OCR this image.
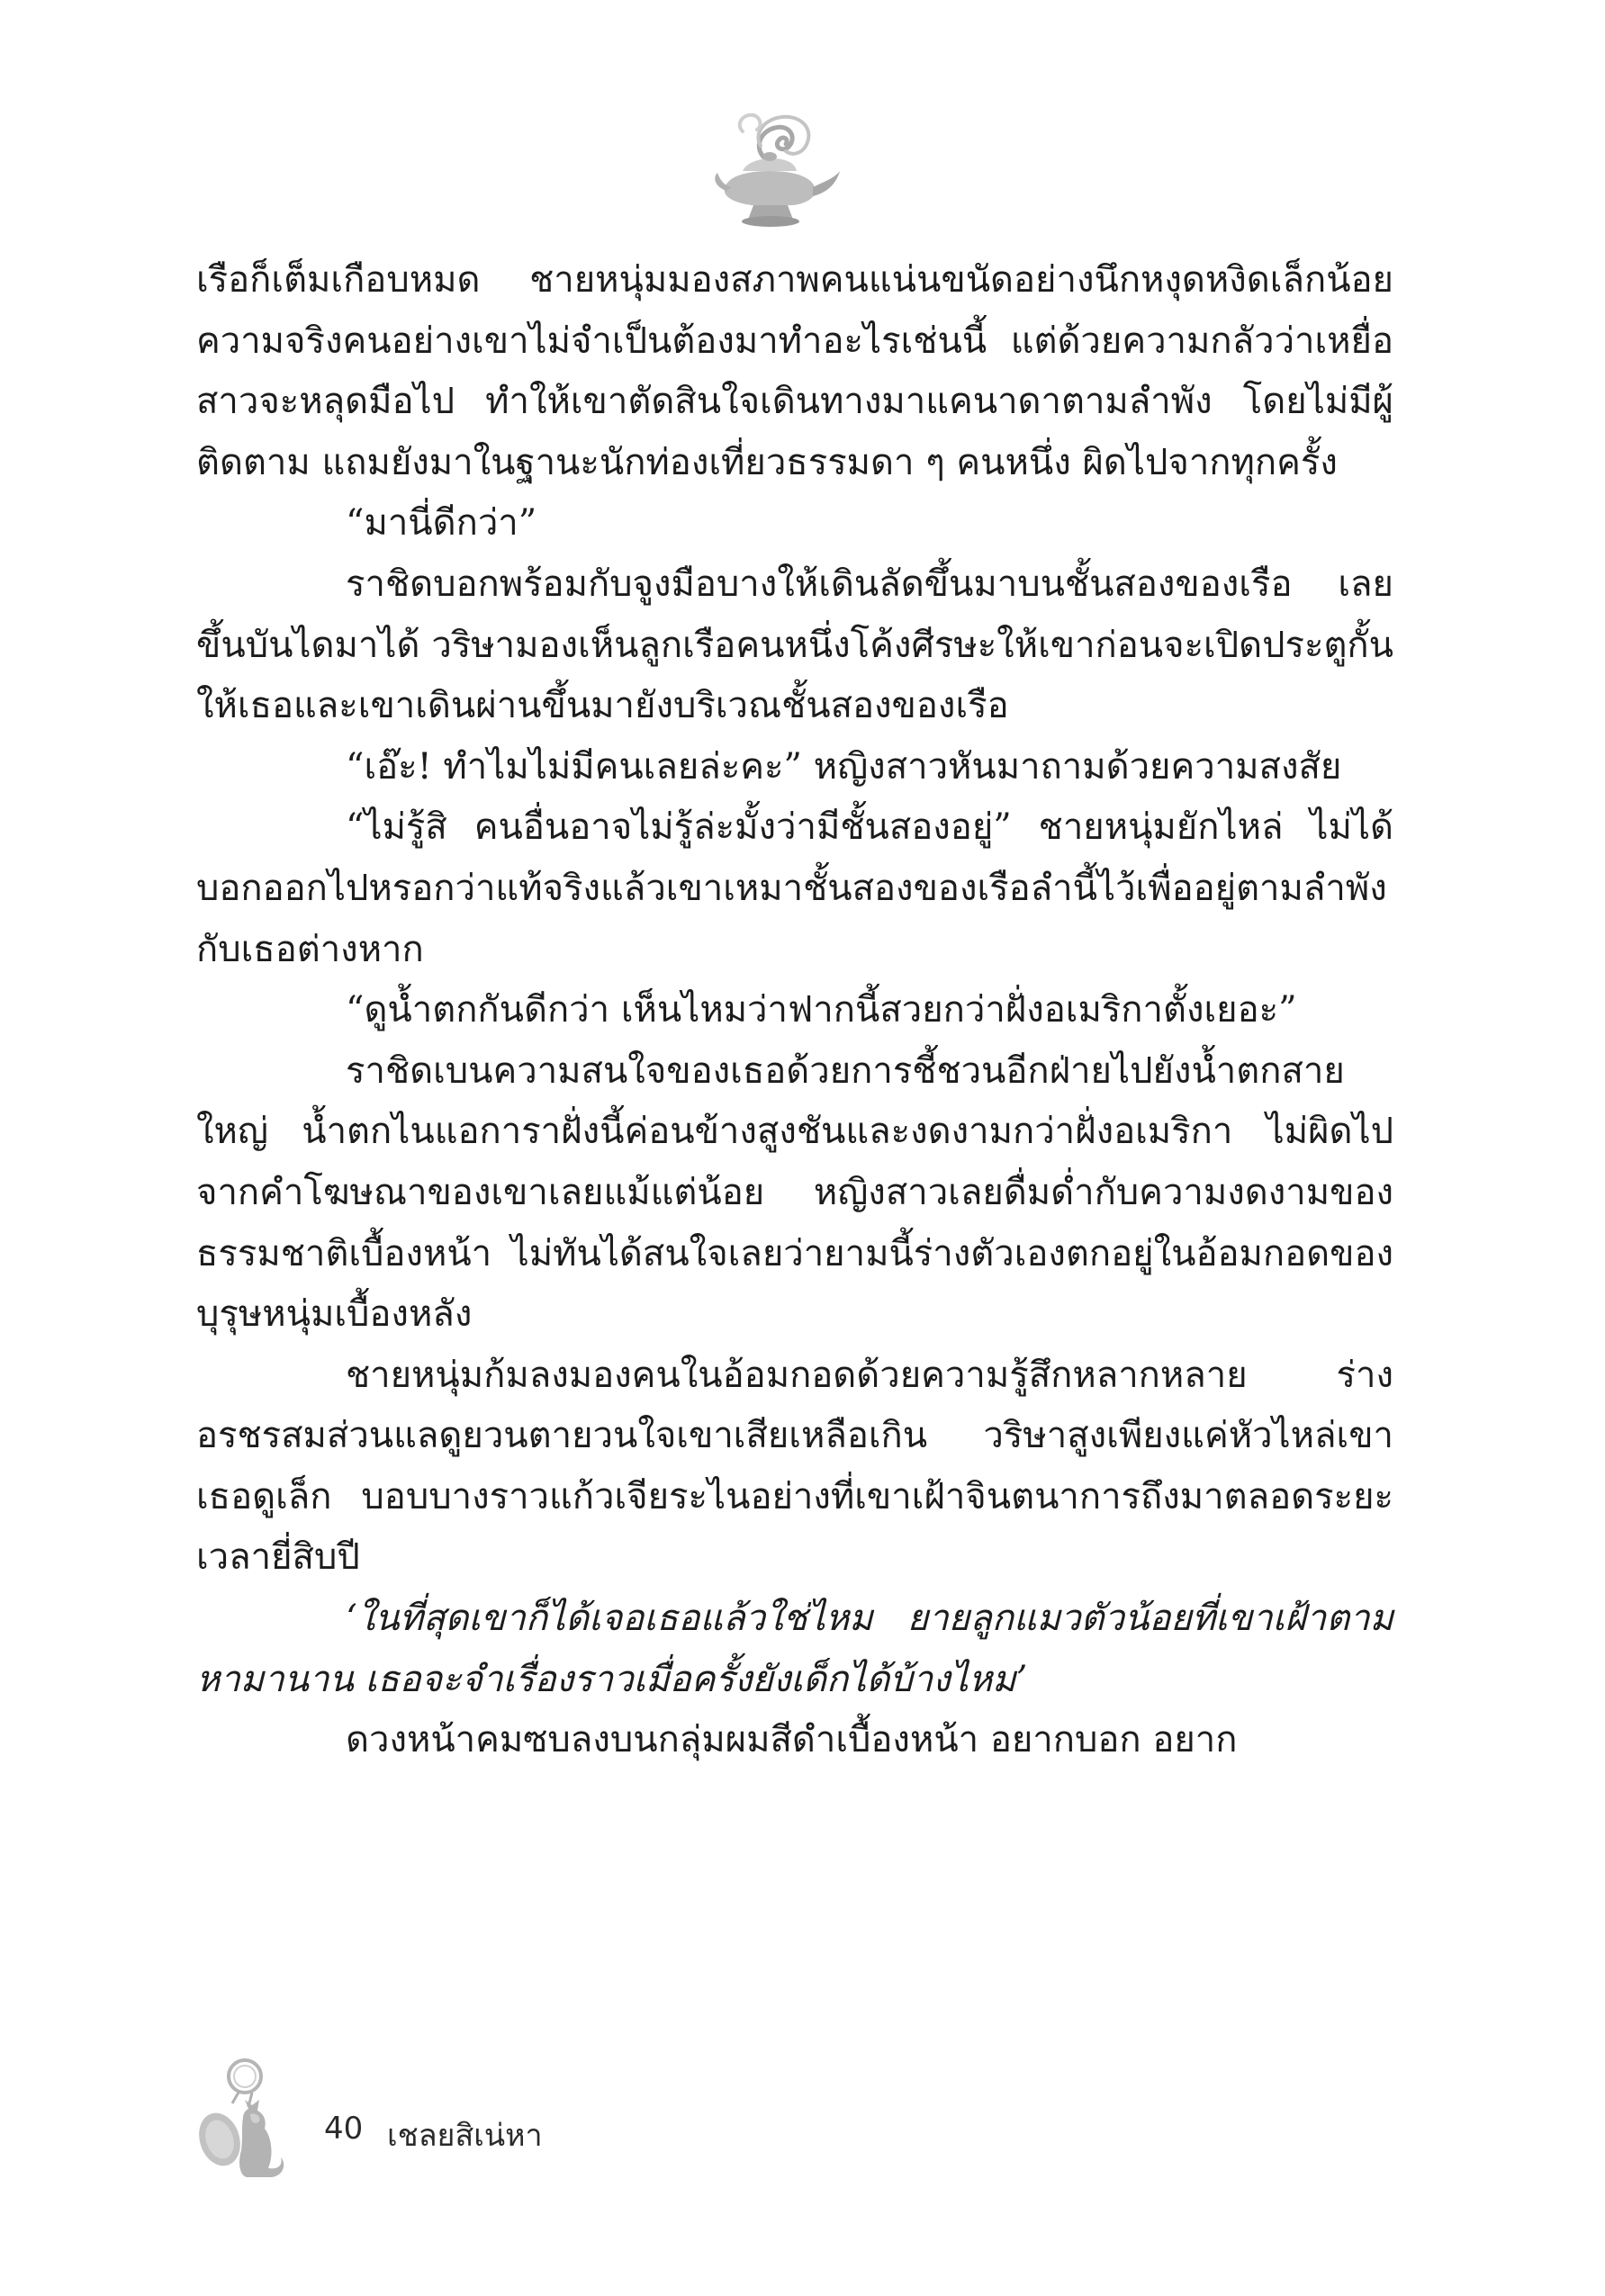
เรือก็เต็มเกือบหมด ชายหนุ่มมองสภาพคนแน่นขนัดอย่างนึกหงุดหงิดเล็กน้อย ความจริงคนอย่างเขาไม่จำเป็นต้องมาทำอะไรเช่นนี้ แต่ด้วยความกลัวว่าเหยื่อสาวจะหลุดมือไป ทำให้เขาตัดสินใจเดินทางมาแคนาดาตามลำพัง โดยไม่มีผู้ติดตาม แถมยังมาในฐานะนักท่องเที่ยวธรรมดา ๆ คนหนึ่ง ผิดไปจากทุกครั้ง

“มานี่ดีกว่า”

ราชิดบอกพร้อมกับจูงมือบางให้เดินลัดขึ้นมาบนชั้นสองของเรือ เลยขึ้นบันไดมาได้ วริษามองเห็นลูกเรือคนหนึ่งโค้งศีรษะให้เขาก่อนจะเปิดประตูกั้นให้เธอและเขาเดินผ่านขึ้นมายังบริเวณชั้นสองของเรือ

“เอ๊ะ! ทำไมไม่มีคนเลยล่ะคะ” หญิงสาวหันมาถามด้วยความสงสัย

“ไม่รู้สิ คนอื่นอาจไม่รู้ล่ะมั้งว่ามีชั้นสองอยู่” ชายหนุ่มยักไหล่ ไม่ได้บอกออกไปหรอกว่าแท้จริงแล้วเขาเหมาชั้นสองของเรือลำนี้ไว้เพื่ออยู่ตามลำพังกับเธอต่างหาก

“ดูน้ำตกกันดีกว่า เห็นไหมว่าฟากนี้สวยกว่าฝั่งอเมริกาตั้งเยอะ”

ราชิดเบนความสนใจของเธอด้วยการชี้ชวนอีกฝ่ายไปยังน้ำตกสายใหญ่ น้ำตกไนแอการาฝั่งนี้ค่อนข้างสูงชันและงดงามกว่าฝั่งอเมริกา ไม่ผิดไปจากคำโฆษณาของเขาเลยแม้แต่น้อย หญิงสาวเลยดื่มด่ำกับความงดงามของธรรมชาติเบื้องหน้า ไม่ทันได้สนใจเลยว่ายามนี้ร่างตัวเองตกอยู่ในอ้อมกอดของบุรุษหนุ่มเบื้องหลัง

ชายหนุ่มก้มลงมองคนในอ้อมกอดด้วยความรู้สึกหลากหลาย ร่างอรชรสมส่วนแลดูยวนตายวนใจเขาเสียเหลือเกิน วริษาสูงเพียงแค่หัวไหล่เขา เธอดูเล็ก บอบบางราวแก้วเจียระไนอย่างที่เขาเฝ้าจินตนาการถึงมาตลอดระยะเวลายี่สิบปี

‘ในที่สุดเขาก็ได้เจอเธอแล้วใช่ไหม ยายลูกแมวตัวน้อยที่เขาเฝ้าตามหามานาน เธอจะจำเรื่องราวเมื่อครั้งยังเด็กได้บ้างไหม’

ดวงหน้าคมซบลงบนกลุ่มผมสีดำเบื้องหน้า อยากบอก อยาก

40 เชลยสิเน่หา
